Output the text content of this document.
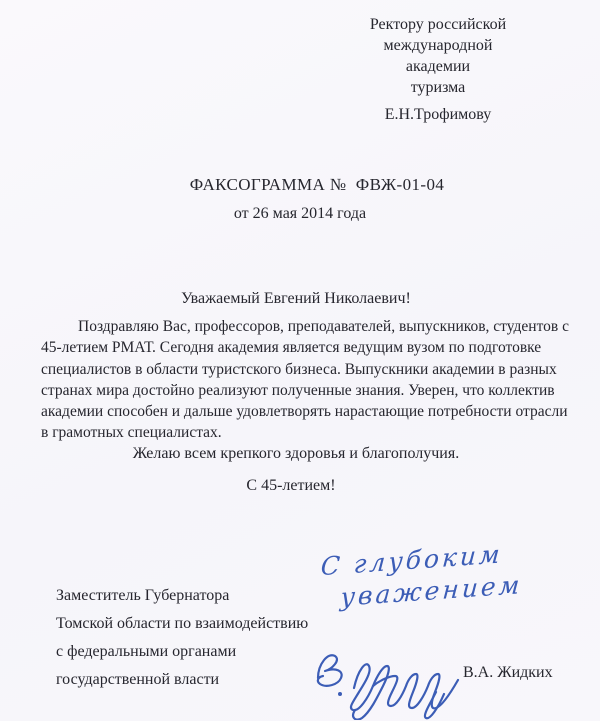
Ректору российской
международной академии
туризма
Е.Н.Трофимову
ФАКСОГРАММА №  ФВЖ-01-04
от 26 мая 2014 года
Уважаемый Евгений Николаевич!
Поздравляю Вас, профессоров, преподавателей, выпускников, студентов с
45-летием РМАТ. Сегодня академия является ведущим вузом по подготовке
специалистов в области туристского бизнеса. Выпускники академии в разных
странах мира достойно реализуют полученные знания. Уверен, что коллектив
академии способен и дальше удовлетворять нарастающие потребности отрасли
в грамотных специалистах.
Желаю всем крепкого здоровья и благополучия.
С 45-летием!
Заместитель Губернатора
Томской области по взаимодействию
с федеральными органами
государственной власти
С глубоким
уважением
В.А. Жидких
